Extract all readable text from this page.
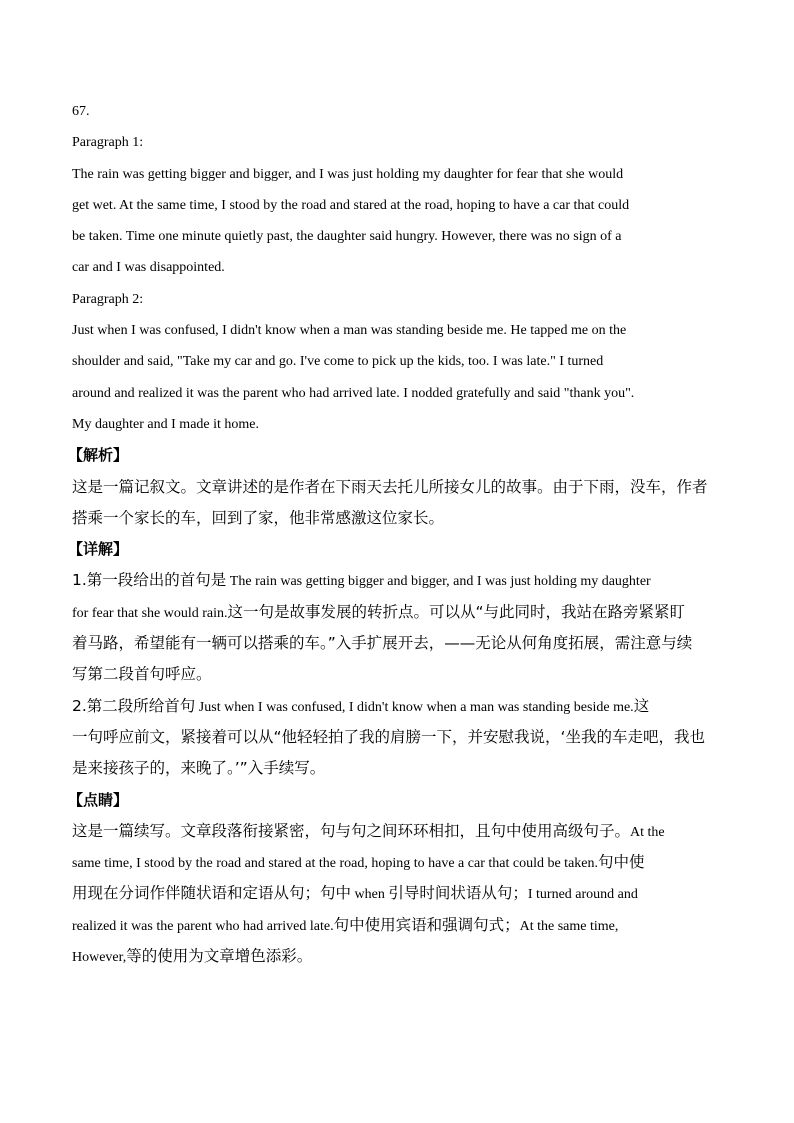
67.
Paragraph 1:
The rain was getting bigger and bigger, and I was just holding my daughter for fear that she would
get wet. At the same time, I stood by the road and stared at the road, hoping to have a car that could
be taken. Time one minute quietly past, the daughter said hungry. However, there was no sign of a
car and I was disappointed.
Paragraph 2:
Just when I was confused, I didn't know when a man was standing beside me. He tapped me on the
shoulder and said, "Take my car and go. I've come to pick up the kids, too. I was late." I turned
around and realized it was the parent who had arrived late. I nodded gratefully and said "thank you".
My daughter and I made it home.
【解析】
这是一篇记叙文。文章讲述的是作者在下雨天去托儿所接女儿的故事。由于下雨，没车，作者
搭乘一个家长的车，回到了家，他非常感激这位家长。
【详解】
1.第一段给出的首句是 The rain was getting bigger and bigger, and I was just holding my daughter
for fear that she would rain.这一句是故事发展的转折点。可以从“与此同时，我站在路旁紧紧盯
着马路，希望能有一辆可以搭乘的车。”入手扩展开去，——无论从何角度拓展，需注意与续
写第二段首句呼应。
2.第二段所给首句 Just when I was confused, I didn't know when a man was standing beside me.这
一句呼应前文，紧接着可以从“他轻轻拍了我的肩膀一下，并安慰我说，‘坐我的车走吧，我也
是来接孩子的，来晚了。’”入手续写。
【点睛】
这是一篇续写。文章段落衔接紧密，句与句之间环环相扣，且句中使用高级句子。At the
same time, I stood by the road and stared at the road, hoping to have a car that could be taken.句中使
用现在分词作伴随状语和定语从句；句中 when 引导时间状语从句；I turned around and
realized it was the parent who had arrived late.句中使用宾语和强调句式；At the same time,
However,等的使用为文章增色添彩。
